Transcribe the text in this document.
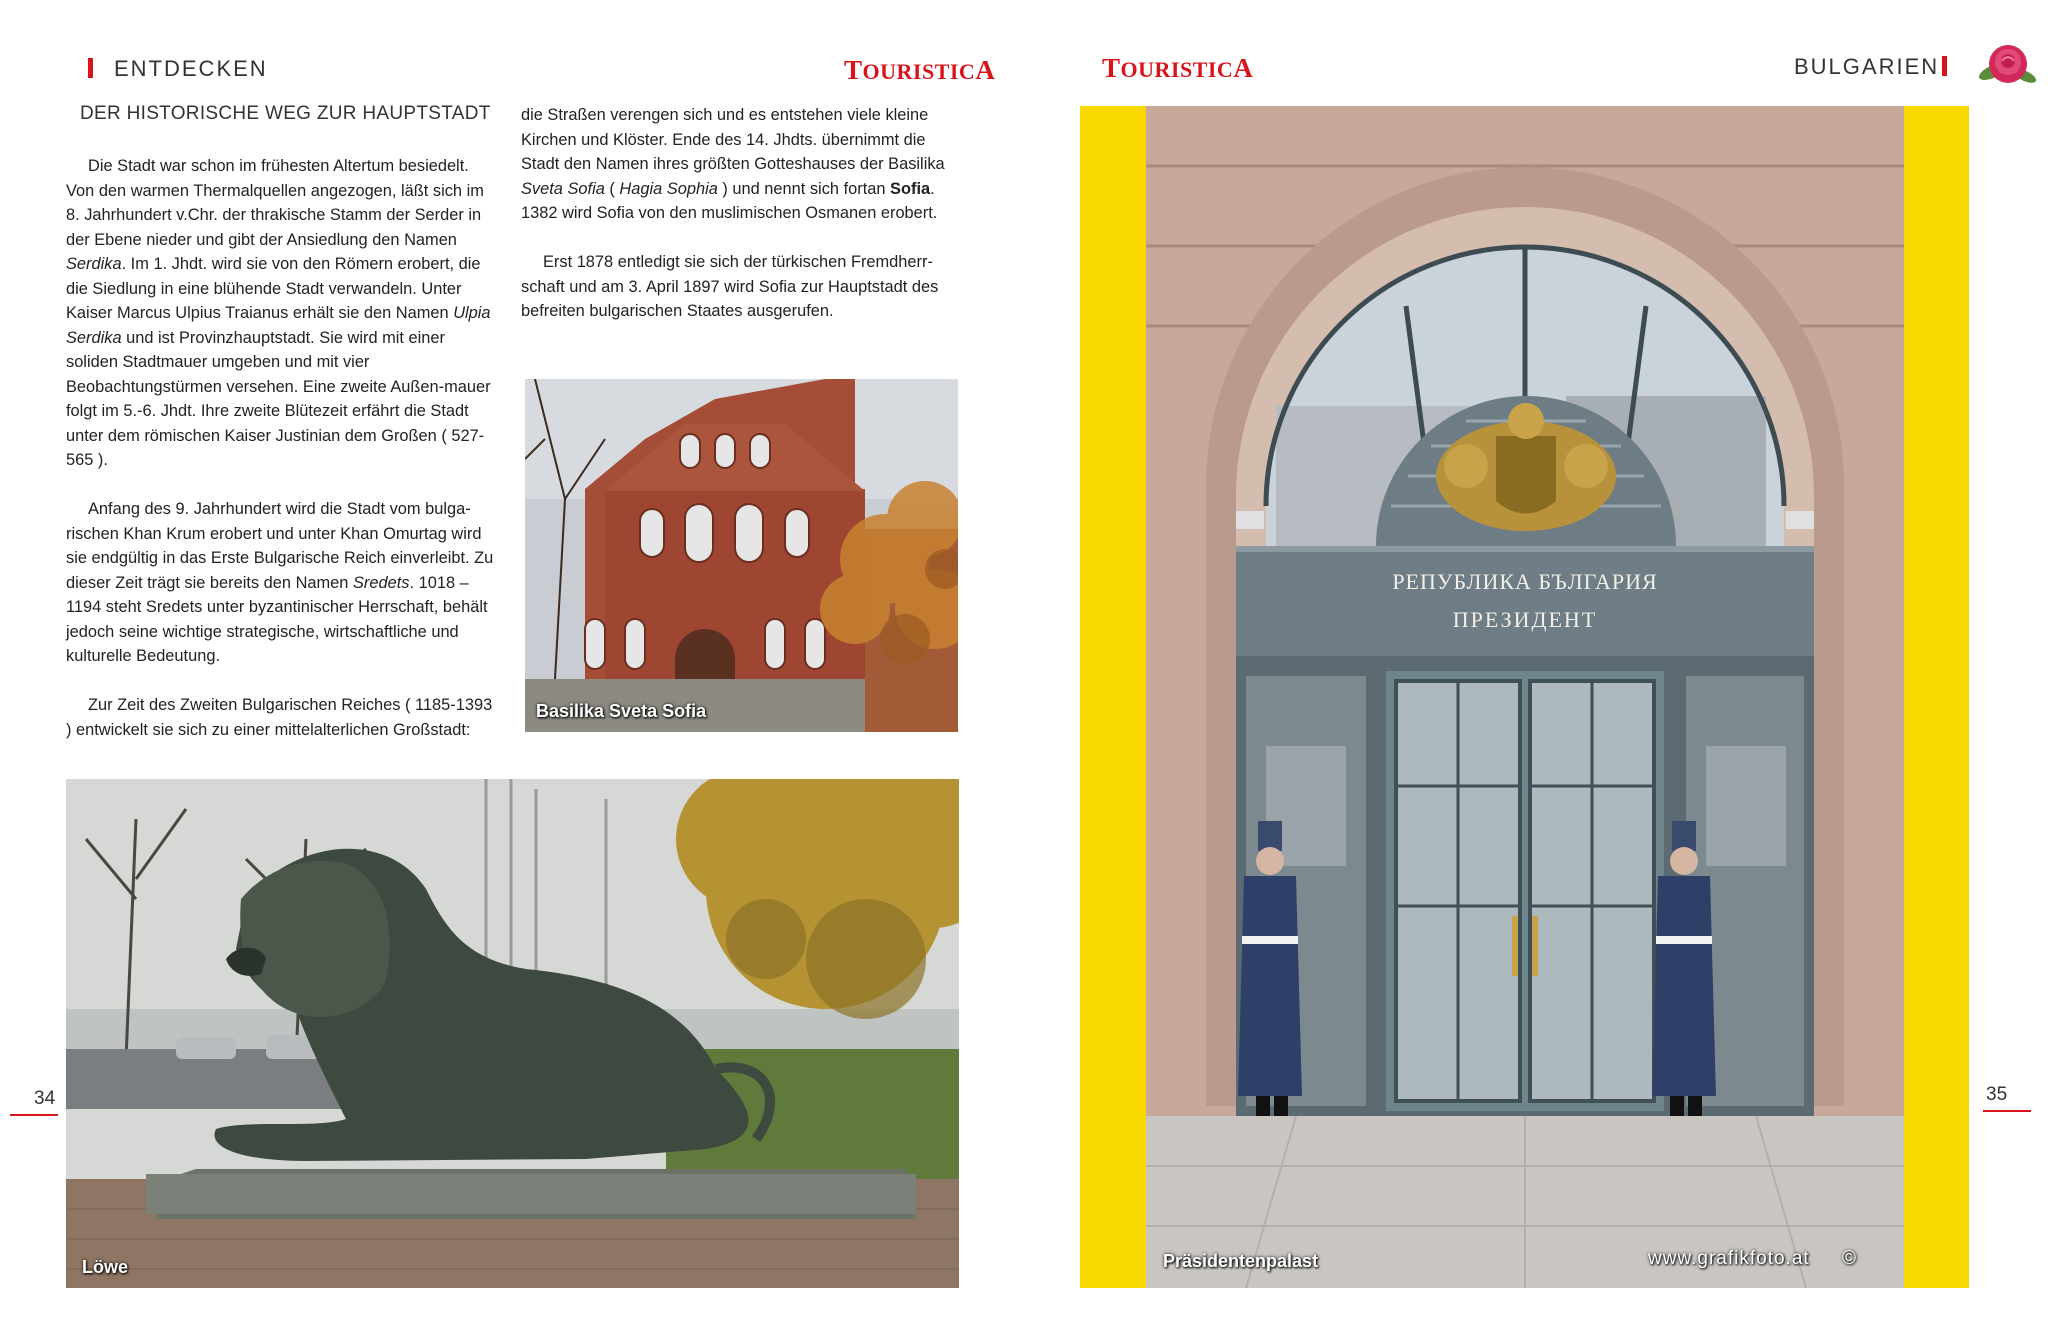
ENTDECKEN	TOURISTICA
DER HISTORISCHE WEG ZUR HAUPTSTADT

Die Stadt war schon im frühesten Altertum besiedelt. Von den warmen Thermalquellen angezogen, läßt sich im 8. Jahrhundert v.Chr. der thrakische Stamm der Serder in der Ebene nieder und gibt der Ansiedlung den Namen Serdika. Im 1. Jhdt. wird sie von den Römern erobert, die die Siedlung in eine blühende Stadt verwandeln. Unter Kaiser Marcus Ulpius Traianus erhält sie den Namen Ulpia Serdika und ist Provinzhauptstadt. Sie wird mit einer soliden Stadtmauer umgeben und mit vier Beobachtungstürmen versehen. Eine zweite Außen-mauer folgt im 5.-6. Jhdt. Ihre zweite Blütezeit erfährt die Stadt unter dem römischen Kaiser Justinian dem Großen ( 527-565 ).

Anfang des 9. Jahrhundert wird die Stadt vom bulga-rischen Khan Krum erobert und unter Khan Omurtag wird sie endgültig in das Erste Bulgarische Reich einverleibt. Zu dieser Zeit trägt sie bereits den Namen Sredets. 1018 – 1194 steht Sredets unter byzantinischer Herrschaft, behält jedoch seine wichtige strategische, wirtschaftliche und kulturelle Bedeutung.

Zur Zeit des Zweiten Bulgarischen Reiches ( 1185-1393 ) entwickelt sie sich zu einer mittelalterlichen Großstadt:

die Straßen verengen sich und es entstehen viele kleine Kirchen und Klöster. Ende des 14. Jhdts. übernimmt die Stadt den Namen ihres größten Gotteshauses der Basilika Sveta Sofia ( Hagia Sophia ) und nennt sich fortan Sofia. 1382 wird Sofia von den muslimischen Osmanen erobert.

Erst 1878 entledigt sie sich der türkischen Fremdherr-schaft und am 3. April 1897 wird Sofia zur Hauptstadt des befreiten bulgarischen Staates ausgerufen.

Basilika Sveta Sofia
Löwe
34
TOURISTICA	BULGARIEN
РЕПУБЛИКА БЪЛГАРИЯ
ПРЕЗИДЕНТ
Präsidentenpalast	www.grafikfoto.at ©
35
